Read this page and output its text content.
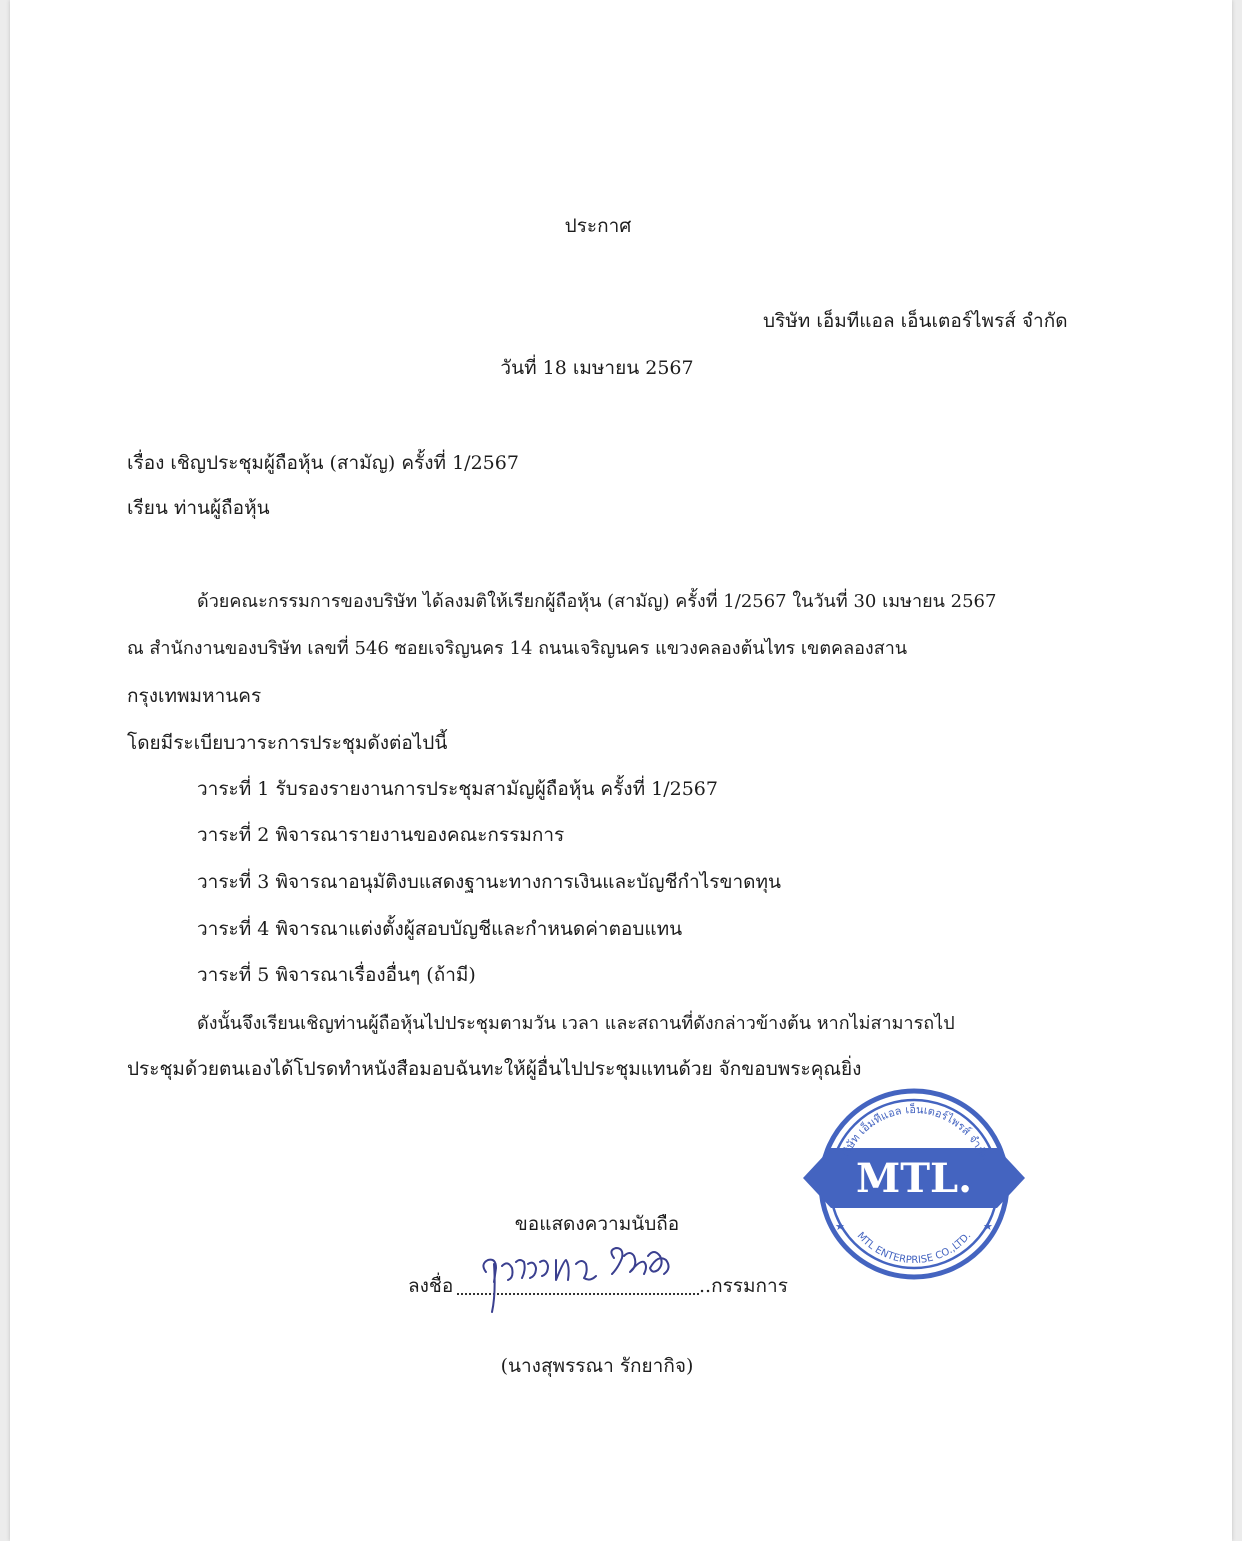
ประกาศ
บริษัท เอ็มทีแอล เอ็นเตอร์ไพรส์ จำกัด
วันที่ 18 เมษายน 2567
เรื่อง เชิญประชุมผู้ถือหุ้น (สามัญ) ครั้งที่ 1/2567
เรียน ท่านผู้ถือหุ้น
ด้วยคณะกรรมการของบริษัท ได้ลงมติให้เรียกผู้ถือหุ้น (สามัญ) ครั้งที่ 1/2567 ในวันที่ 30 เมษายน 2567
ณ สำนักงานของบริษัท เลขที่ 546 ซอยเจริญนคร 14 ถนนเจริญนคร แขวงคลองต้นไทร เขตคลองสาน
กรุงเทพมหานคร
โดยมีระเบียบวาระการประชุมดังต่อไปนี้
วาระที่ 1 รับรองรายงานการประชุมสามัญผู้ถือหุ้น ครั้งที่ 1/2567
วาระที่ 2 พิจารณารายงานของคณะกรรมการ
วาระที่ 3 พิจารณาอนุมัติงบแสดงฐานะทางการเงินและบัญชีกำไรขาดทุน
วาระที่ 4 พิจารณาแต่งตั้งผู้สอบบัญชีและกำหนดค่าตอบแทน
วาระที่ 5 พิจารณาเรื่องอื่นๆ (ถ้ามี)
ดังนั้นจึงเรียนเชิญท่านผู้ถือหุ้นไปประชุมตามวัน เวลา และสถานที่ดังกล่าวข้างต้น หากไม่สามารถไป
ประชุมด้วยตนเองได้โปรดทำหนังสือมอบฉันทะให้ผู้อื่นไปประชุมแทนด้วย จักขอบพระคุณยิ่ง
MTL.
บริษัท เอ็มทีแอล เอ็นเตอร์ไพรส์ จำกัด
MTL ENTERPRISE CO.,LTD.
★	★
ขอแสดงความนับถือ
ลงชื่อ	..กรรมการ
(นางสุพรรณา รักยากิจ)
